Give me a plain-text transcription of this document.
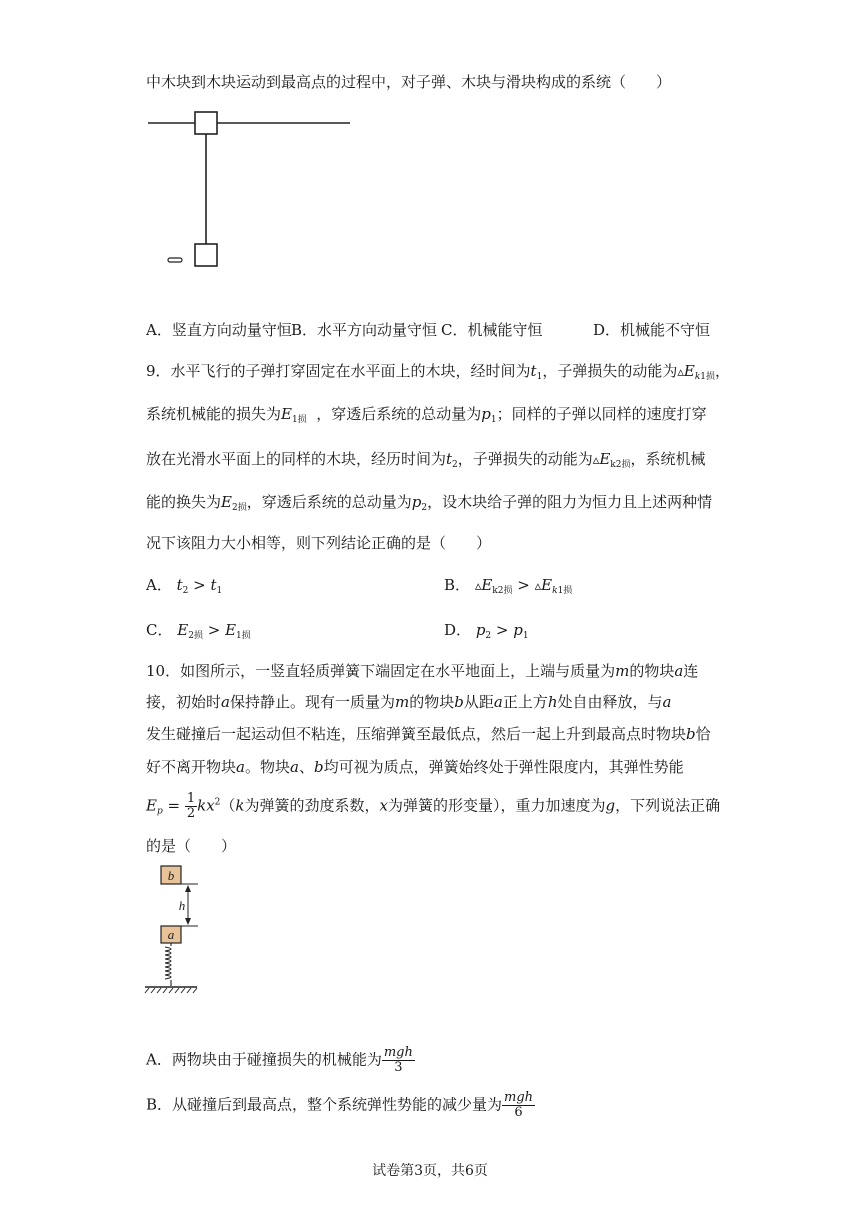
中木块到木块运动到最高点的过程中，对子弹、木块与滑块构成的系统（　　）
A．竖直方向动量守恒 B．水平方向动量守恒 C．机械能守恒	D．机械能不守恒
9．水平飞行的子弹打穿固定在水平面上的木块，经时间为$t_1$，子弹损失的动能为$▵E_{k1损}$，
系统机械能的损失为$E_{1损}$ ，穿透后系统的总动量为$p_1$；同样的子弹以同样的速度打穿
放在光滑水平面上的同样的木块，经历时间为$t_2$，子弹损失的动能为$▵E_{k2损}$，系统机械
能的换失为$E_{2损}$，穿透后系统的总动量为$p_2$，设木块给子弹的阻力为恒力且上述两种情
况下该阻力大小相等，则下列结论正确的是（　　）
A． $t_2 > t_1$	B． $▵E_{k2损}$ > $▵E_{k1损}$
C． $E_{2损} > E_{1损}$	D． $p_2 > p_1$
10．如图所示，一竖直轻质弹簧下端固定在水平地面上，上端与质量为m的物块a连
接，初始时a保持静止。现有一质量为m的物块b从距a正上方h处自由释放，与a
发生碰撞后一起运动但不粘连，压缩弹簧至最低点，然后一起上升到最高点时物块b恰
好不离开物块a。物块a、b均可视为质点，弹簧始终处于弹性限度内，其弹性势能
$E_p = \frac{1}{2} kx^2(k$为弹簧的劲度系数，x为弹簧的形变量），重力加速度为g，下列说法正确
的是（　　）
b
h
a
A．两物块由于碰撞损失的机械能为 $\frac{\text{mgh}}{3}$
B．从碰撞后到最高点，整个系统弹性势能的减少量为 $\frac{\text{mgh}}{6}$
试卷第3页，共6页
